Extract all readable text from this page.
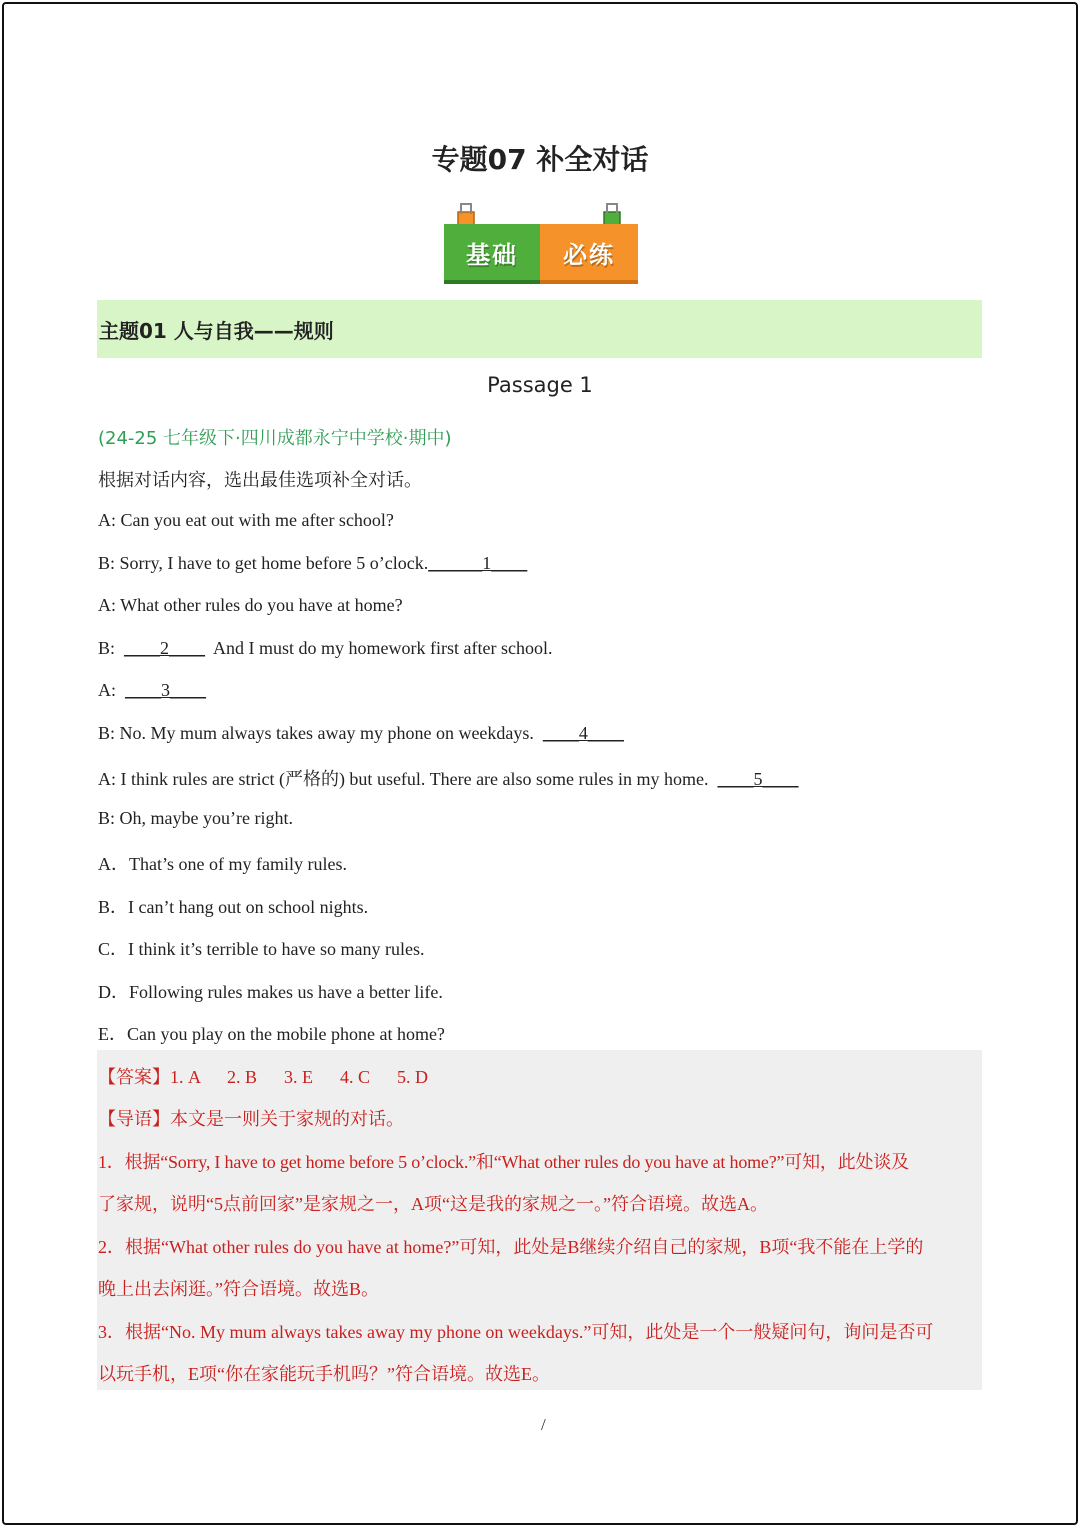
专题07 补全对话
基础 必练
主题01 人与自我——规则
Passage 1
(24-25 七年级下·四川成都永宁中学校·期中)
根据对话内容，选出最佳选项补全对话。
A: Can you eat out with me after school?
B: Sorry, I have to get home before 5 o’clock.______1____
A: What other rules do you have at home?
B:  ____2____  And I must do my homework first after school.
A:  ____3____
B: No. My mum always takes away my phone on weekdays.  ____4____
A: I think rules are strict (严格的) but useful. There are also some rules in my home.  ____5____
B: Oh, maybe you’re right.
A．That’s one of my family rules.
B．I can’t hang out on school nights.
C．I think it’s terrible to have so many rules.
D．Following rules makes us have a better life.
E．Can you play on the mobile phone at home?
【答案】1. A      2. B      3. E      4. C      5. D
【导语】本文是一则关于家规的对话。
1．根据“Sorry, I have to get home before 5 o’clock.”和“What other rules do you have at home?”可知，此处谈及
了家规，说明“5点前回家”是家规之一，A项“这是我的家规之一。”符合语境。故选A。
2．根据“What other rules do you have at home?”可知，此处是B继续介绍自己的家规，B项“我不能在上学的
晚上出去闲逛。”符合语境。故选B。
3．根据“No. My mum always takes away my phone on weekdays.”可知，此处是一个一般疑问句，询问是否可
以玩手机，E项“你在家能玩手机吗？”符合语境。故选E。
/
